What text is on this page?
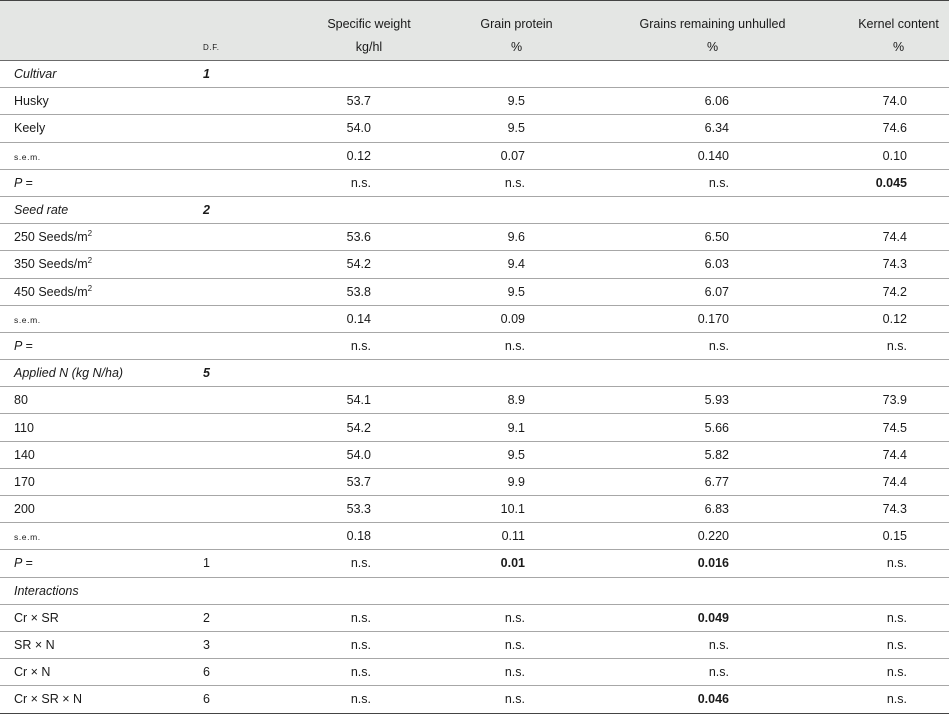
		Specific weight	Grain protein	Grains remaining unhulled	Kernel content
	D.F.	kg/hl	%	%	%
Cultivar	1				
Husky		53.7	9.5	6.06	74.0
Keely		54.0	9.5	6.34	74.6
s.e.m.		0.12	0.07	0.140	0.10
P =		n.s.	n.s.	n.s.	0.045
Seed rate	2				
250 Seeds/$m^2$		53.6	9.6	6.50	74.4
350 Seeds/$m^2$		54.2	9.4	6.03	74.3
450 Seeds/$m^2$		53.8	9.5	6.07	74.2
s.e.m.		0.14	0.09	0.170	0.12
P =		n.s.	n.s.	n.s.	n.s.
Applied N (kg N/ha)	5				
80		54.1	8.9	5.93	73.9
110		54.2	9.1	5.66	74.5
140		54.0	9.5	5.82	74.4
170		53.7	9.9	6.77	74.4
200		53.3	10.1	6.83	74.3
s.e.m.		0.18	0.11	0.220	0.15
P =	1	n.s.	0.01	0.016	n.s.
Interactions					
Cr × SR	2	n.s.	n.s.	0.049	n.s.
SR × N	3	n.s.	n.s.	n.s.	n.s.
Cr × N	6	n.s.	n.s.	n.s.	n.s.
Cr × SR × N	6	n.s.	n.s.	0.046	n.s.
